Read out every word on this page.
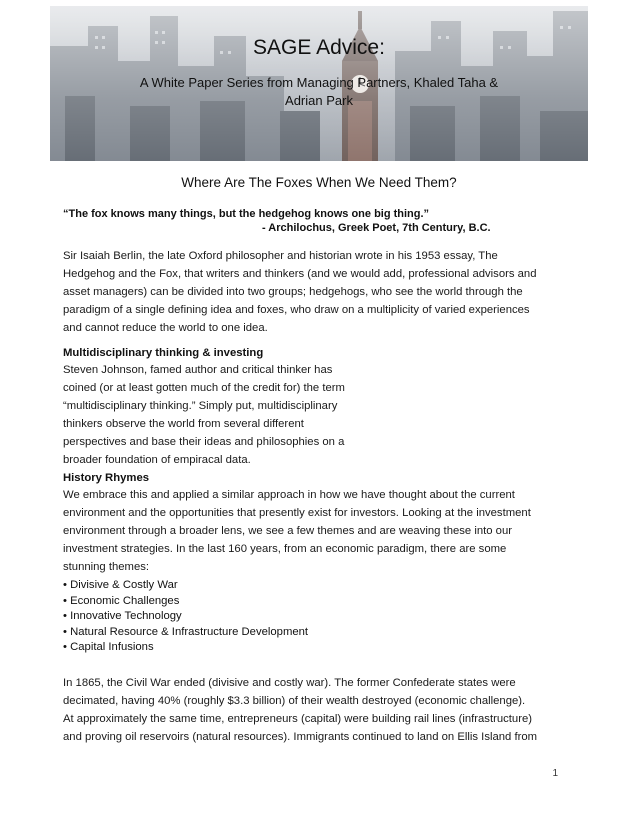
SAGE Advice:
A White Paper Series from Managing Partners, Khaled Taha &
Adrian Park
Where Are The Foxes When We Need Them?
“The fox knows many things, but the hedgehog knows one big thing.”
- Archilochus, Greek Poet, 7th Century, B.C.
Sir Isaiah Berlin, the late Oxford philosopher and historian wrote in his 1953 essay, The
Hedgehog and the Fox, that writers and thinkers (and we would add, professional advisors and
asset managers) can be divided into two groups; hedgehogs, who see the world through the
paradigm of a single defining idea and foxes, who draw on a multiplicity of varied experiences
and cannot reduce the world to one idea.
Multidisciplinary thinking & investing
Steven Johnson, famed author and critical thinker has
coined (or at least gotten much of the credit for) the term
“multidisciplinary thinking.” Simply put, multidisciplinary
thinkers observe the world from several different
perspectives and base their ideas and philosophies on a
broader foundation of empiracal data.
History Rhymes
We embrace this and applied a similar approach in how we have thought about the current
environment and the opportunities that presently exist for investors. Looking at the investment
environment through a broader lens, we see a few themes and are weaving these into our
investment strategies. In the last 160 years, from an economic paradigm, there are some
stunning themes:
• Divisive & Costly War
• Economic Challenges
• Innovative Technology
• Natural Resource & Infrastructure Development
• Capital Infusions
In 1865, the Civil War ended (divisive and costly war). The former Confederate states were
decimated, having 40% (roughly $3.3 billion) of their wealth destroyed (economic challenge).
At approximately the same time, entrepreneurs (capital) were building rail lines (infrastructure)
and proving oil reservoirs (natural resources). Immigrants continued to land on Ellis Island from
1
